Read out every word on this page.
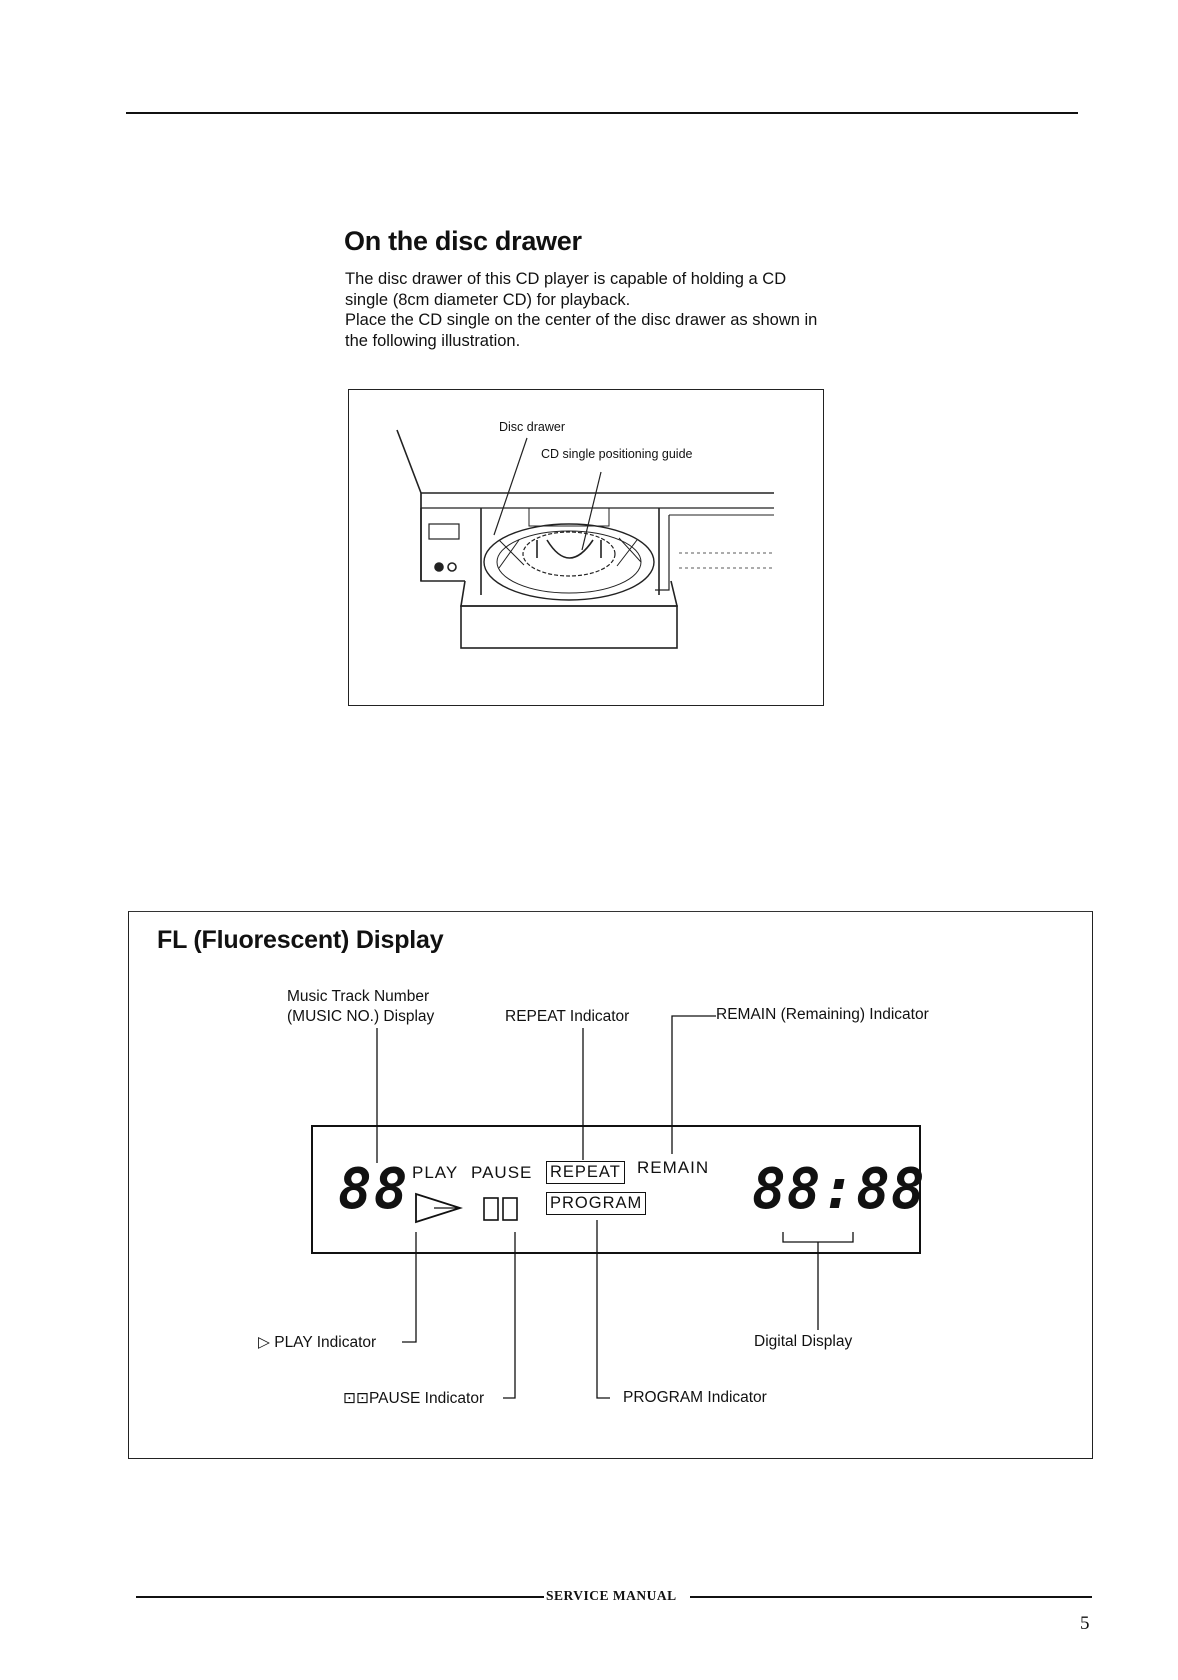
On the disc drawer

The disc drawer of this CD player is capable of holding a CD single (8cm diameter CD) for playback.

Place the CD single on the center of the disc drawer as shown in the following illustration.

Disc drawer
CD single positioning guide
FL (Fluorescent) Display
Music Track Number
(MUSIC NO.) Display	REPEAT Indicator	REMAIN (Remaining) Indicator
▷ PLAY Indicator
⊡⊡PAUSE Indicator	PROGRAM Indicator
Digital Display
88 PLAY PAUSE REPEAT REMAIN
PROGRAM 88:88
SERVICE MANUAL
5
